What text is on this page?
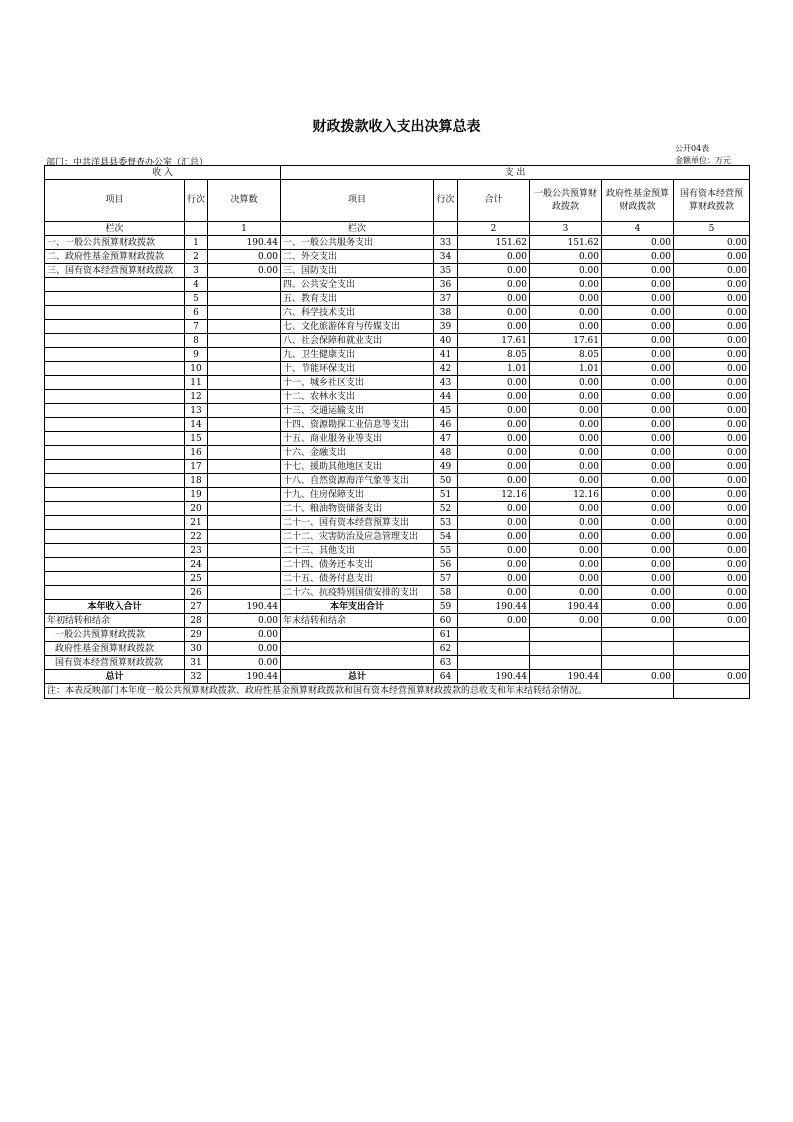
财政拨款收入支出决算总表
公开04表
部门：中共洋县县委督查办公室（汇总）	金额单位：万元
收 入			支 出					
项目	行次	决算数	项目	行次	合计	一般公共预算财政拨款	政府性基金预算财政拨款	国有资本经营预算财政拨款
栏次		1	栏次		2	3	4	5
一、一般公共预算财政拨款	1	190.44	一、一般公共服务支出	33	151.62	151.62	0.00	0.00
二、政府性基金预算财政拨款	2	0.00	二、外交支出	34	0.00	0.00	0.00	0.00
三、国有资本经营预算财政拨款	3	0.00	三、国防支出	35	0.00	0.00	0.00	0.00
	4		四、公共安全支出	36	0.00	0.00	0.00	0.00
	5		五、教育支出	37	0.00	0.00	0.00	0.00
	6		六、科学技术支出	38	0.00	0.00	0.00	0.00
	7		七、文化旅游体育与传媒支出	39	0.00	0.00	0.00	0.00
	8		八、社会保障和就业支出	40	17.61	17.61	0.00	0.00
	9		九、卫生健康支出	41	8.05	8.05	0.00	0.00
	10		十、节能环保支出	42	1.01	1.01	0.00	0.00
	11		十一、城乡社区支出	43	0.00	0.00	0.00	0.00
	12		十二、农林水支出	44	0.00	0.00	0.00	0.00
	13		十三、交通运输支出	45	0.00	0.00	0.00	0.00
	14		十四、资源勘探工业信息等支出	46	0.00	0.00	0.00	0.00
	15		十五、商业服务业等支出	47	0.00	0.00	0.00	0.00
	16		十六、金融支出	48	0.00	0.00	0.00	0.00
	17		十七、援助其他地区支出	49	0.00	0.00	0.00	0.00
	18		十八、自然资源海洋气象等支出	50	0.00	0.00	0.00	0.00
	19		十九、住房保障支出	51	12.16	12.16	0.00	0.00
	20		二十、粮油物资储备支出	52	0.00	0.00	0.00	0.00
	21		二十一、国有资本经营预算支出	53	0.00	0.00	0.00	0.00
	22		二十二、灾害防治及应急管理支出	54	0.00	0.00	0.00	0.00
	23		二十三、其他支出	55	0.00	0.00	0.00	0.00
	24		二十四、债务还本支出	56	0.00	0.00	0.00	0.00
	25		二十五、债务付息支出	57	0.00	0.00	0.00	0.00
	26		二十六、抗疫特别国债安排的支出	58	0.00	0.00	0.00	0.00
本年收入合计	27	190.44	本年支出合计	59	190.44	190.44	0.00	0.00
年初结转和结余	28	0.00	年末结转和结余	60	0.00	0.00	0.00	0.00
一般公共预算财政拨款	29	0.00		61				
政府性基金预算财政拨款	30	0.00		62				
国有资本经营预算财政拨款	31	0.00		63				
总计	32	190.44	总计	64	190.44	190.44	0.00	0.00
注：本表反映部门本年度一般公共预算财政拨款、政府性基金预算财政拨款和国有资本经营预算财政拨款的总收支和年末结转结余情况。								
